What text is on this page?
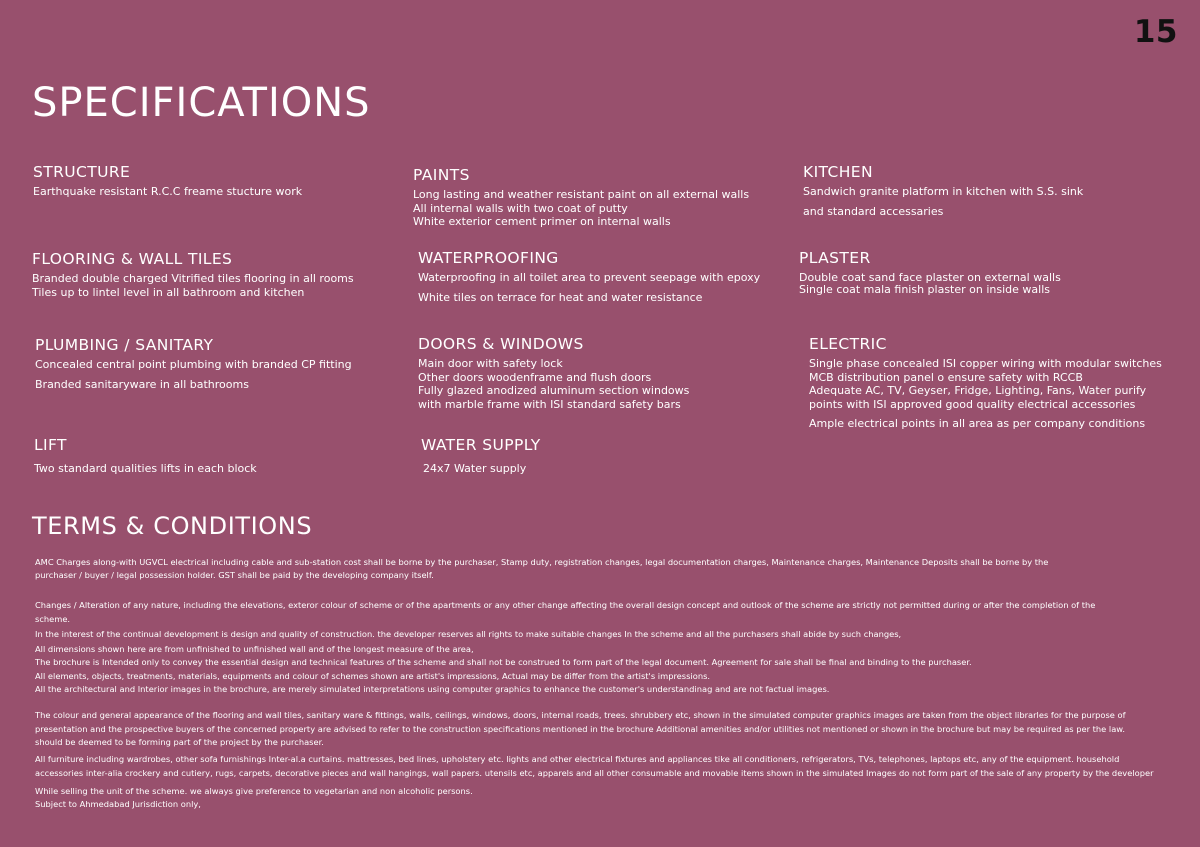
15
SPECIFICATIONS
STRUCTURE

Earthquake resistant R.C.C freame stucture work

PAINTS

Long lasting and weather resistant paint on all external walls

All internal walls with two coat of putty

White exterior cement primer on internal walls

KITCHEN

Sandwich granite platform in kitchen with S.S. sink

and standard accessaries

FLOORING & WALL TILES

Branded double charged Vitrified tiles flooring in all rooms

Tiles up to lintel level in all bathroom and kitchen

WATERPROOFING

Waterproofing in all toilet area to prevent seepage with epoxy

White tiles on terrace for heat and water resistance

PLASTER

Double coat sand face plaster on external walls

Single coat mala finish plaster on inside walls

PLUMBING / SANITARY

Concealed central point plumbing with branded CP fitting

Branded sanitaryware in all bathrooms

DOORS & WINDOWS

Main door with safety lock

Other doors woodenframe and flush doors

Fully glazed anodized aluminum section windows

with marble frame with ISI standard safety bars

ELECTRIC

Single phase concealed ISI copper wiring with modular switches

MCB distribution panel o ensure safety with RCCB

Adequate AC, TV, Geyser, Fridge, Lighting, Fans, Water purify

points with ISI approved good quality electrical accessories

Ample electrical points in all area as per company conditions

LIFT

Two standard qualities lifts in each block

WATER SUPPLY

24x7 Water supply

TERMS & CONDITIONS

AMC Charges along-with UGVCL electrical including cable and sub-station cost shall be borne by the purchaser, Stamp duty, registration changes, legal documentation charges, Maintenance charges, Maintenance Deposits shall be borne by the

purchaser / buyer / legal possession holder. GST shall be paid by the developing company itself.

Changes / Alteration of any nature, including the elevations, exteror colour of scheme or of the apartments or any other change affecting the overall design concept and outlook of the scheme are strictly not permitted during or after the completion of the

scheme.

In the interest of the continual development is design and quality of construction. the developer reserves all rights to make suitable changes In the scheme and all the purchasers shall abide by such changes,

All dimensions shown here are from unfinished to unfinished wall and of the longest measure of the area,

The brochure is Intended only to convey the essential design and technical features of the scheme and shall not be construed to form part of the legal document. Agreement for sale shall be final and binding to the purchaser.

All elements, objects, treatments, materials, equipments and colour of schemes shown are artist's impressions, Actual may be differ from the artist's impressions.

All the architectural and Interior images in the brochure, are merely simulated interpretations using computer graphics to enhance the customer's understandinag and are not factual images.

The colour and general appearance of the flooring and wall tiles, sanitary ware & fittings, walls, ceilings, windows, doors, internal roads, trees. shrubbery etc, shown in the simulated computer graphics images are taken from the object librarles for the purpose of

presentation and the prospective buyers of the concerned property are advised to refer to the construction specifications mentioned in the brochure Additional amenities and/or utilities not mentioned or shown in the brochure but may be required as per the law.

should be deemed to be forming part of the project by the purchaser.

All furniture including wardrobes, other sofa furnishings Inter-al.a curtains. mattresses, bed lines, upholstery etc. lights and other electrical fixtures and appliances tike all conditioners, refrigerators, TVs, telephones, laptops etc, any of the equipment. household

accessories inter-alia crockery and cutiery, rugs, carpets, decorative pieces and wall hangings, wall papers. utensils etc, apparels and all other consumable and movable items shown in the simulated Images do not form part of the sale of any property by the developer

While selling the unit of the scheme. we always give preference to vegetarian and non alcoholic persons.

Subject to Ahmedabad Jurisdiction only,
